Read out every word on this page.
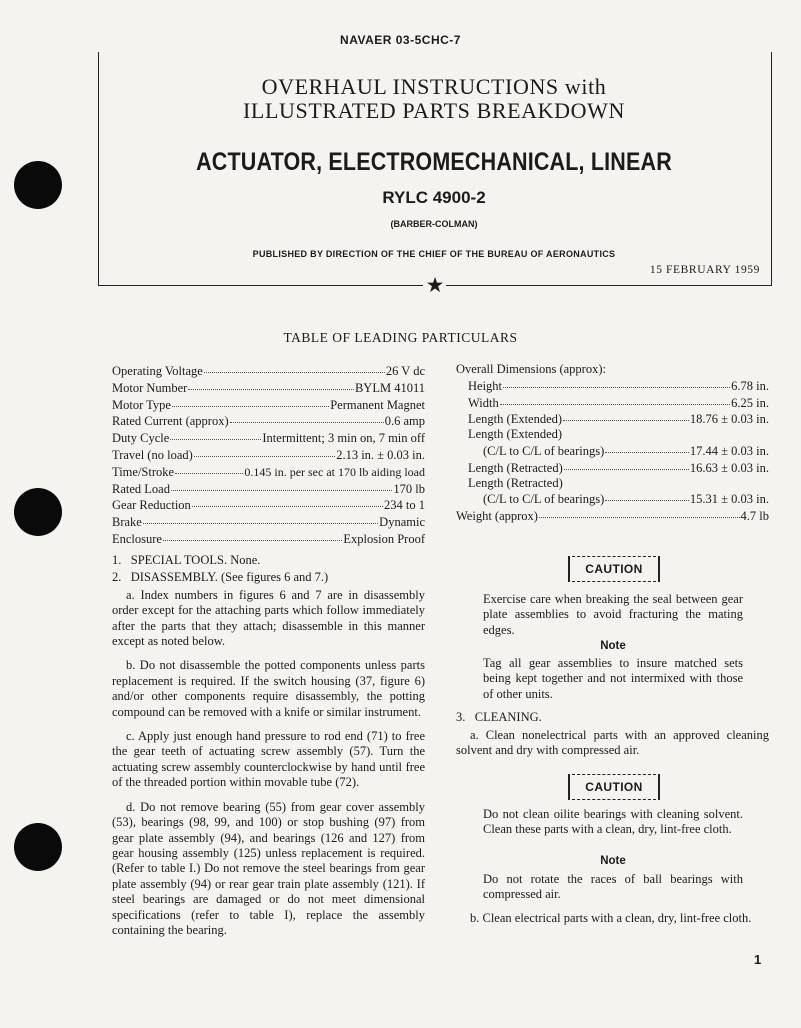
NAVAER 03-5CHC-7
★
OVERHAUL INSTRUCTIONS with
ILLUSTRATED PARTS BREAKDOWN
ACTUATOR, ELECTROMECHANICAL, LINEAR
RYLC 4900-2
(BARBER-COLMAN)
PUBLISHED BY DIRECTION OF THE CHIEF OF THE BUREAU OF AERONAUTICS
15 FEBRUARY 1959
TABLE OF LEADING PARTICULARS
Operating Voltage	26 V dc
Motor Number	BYLM 41011
Motor Type	Permanent Magnet
Rated Current (approx)	0.6 amp
Duty Cycle	Intermittent; 3 min on, 7 min off
Travel (no load)	2.13 in. ± 0.03 in.
Time/Stroke	0.145 in. per sec at 170 lb aiding load
Rated Load	170 lb
Gear Reduction	234 to 1
Brake	Dynamic
Enclosure	Explosion Proof
Overall Dimensions (approx):
Height	6.78 in.
Width	6.25 in.
Length (Extended)	18.76 ± 0.03 in.
Length (Extended)
(C/L to C/L of bearings)	17.44 ± 0.03 in.
Length (Retracted)	16.63 ± 0.03 in.
Length (Retracted)
(C/L to C/L of bearings)	15.31 ± 0.03 in.
Weight (approx)	4.7 lb

1.   SPECIAL TOOLS. None.

2.   DISASSEMBLY. (See figures 6 and 7.)

a. Index numbers in figures 6 and 7 are in disassembly order except for the attaching parts which follow immediately after the parts that they attach; disassemble in this manner except as noted below.

b. Do not disassemble the potted components unless parts replacement is required. If the switch housing (37, figure 6) and/or other components require disassembly, the potting compound can be removed with a knife or similar instrument.

c. Apply just enough hand pressure to rod end (71) to free the gear teeth of actuating screw assembly (57). Turn the actuating screw assembly counterclockwise by hand until free of the threaded portion within movable tube (72).

d. Do not remove bearing (55) from gear cover assembly (53), bearings (98, 99, and 100) or stop bushing (97) from gear plate assembly (94), and bearings (126 and 127) from gear housing assembly (125) unless replacement is required. (Refer to table I.) Do not remove the steel bearings from gear plate assembly (94) or rear gear train plate assembly (121). If steel bearings are damaged or do not meet dimensional specifications (refer to table I), replace the assembly containing the bearing.

CAUTION
Exercise care when breaking the seal between gear plate assemblies to avoid fracturing the mating edges.
Note
Tag all gear assemblies to insure matched sets being kept together and not intermixed with those of other units.
3.   CLEANING.
a. Clean nonelectrical parts with an approved cleaning solvent and dry with compressed air.
CAUTION
Do not clean oilite bearings with cleaning solvent. Clean these parts with a clean, dry, lint-free cloth.
Note
Do not rotate the races of ball bearings with compressed air.
b. Clean electrical parts with a clean, dry, lint-free cloth.
1
